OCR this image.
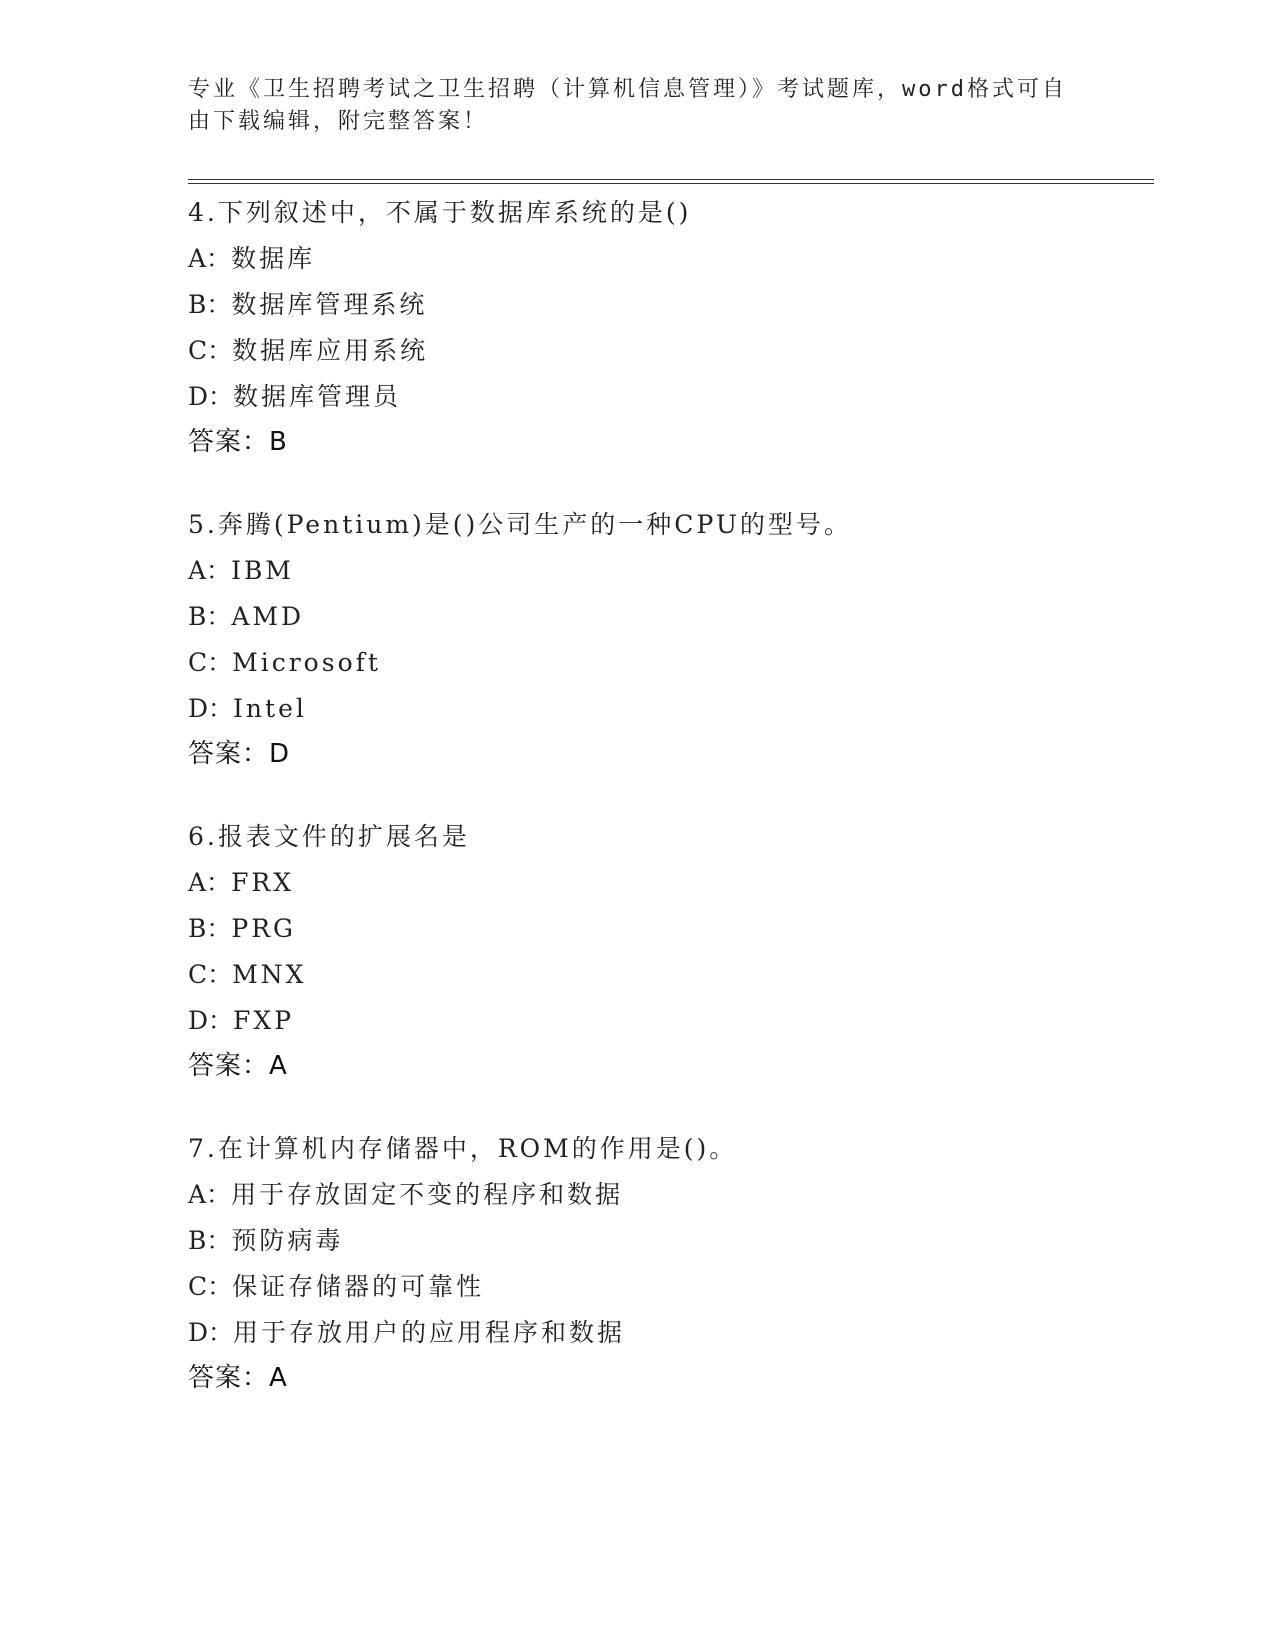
专业《卫生招聘考试之卫生招聘（计算机信息管理）》考试题库，word格式可自
由下载编辑，附完整答案！
4.下列叙述中，不属于数据库系统的是()
A：数据库
B：数据库管理系统
C：数据库应用系统
D：数据库管理员
答案：B
5.奔腾(Pentium)是()公司生产的一种CPU的型号。
A：IBM
B：AMD
C：Microsoft
D：Intel
答案：D
6.报表文件的扩展名是
A：FRX
B：PRG
C：MNX
D：FXP
答案：A
7.在计算机内存储器中，ROM的作用是()。
A：用于存放固定不变的程序和数据
B：预防病毒
C：保证存储器的可靠性
D：用于存放用户的应用程序和数据
答案：A
